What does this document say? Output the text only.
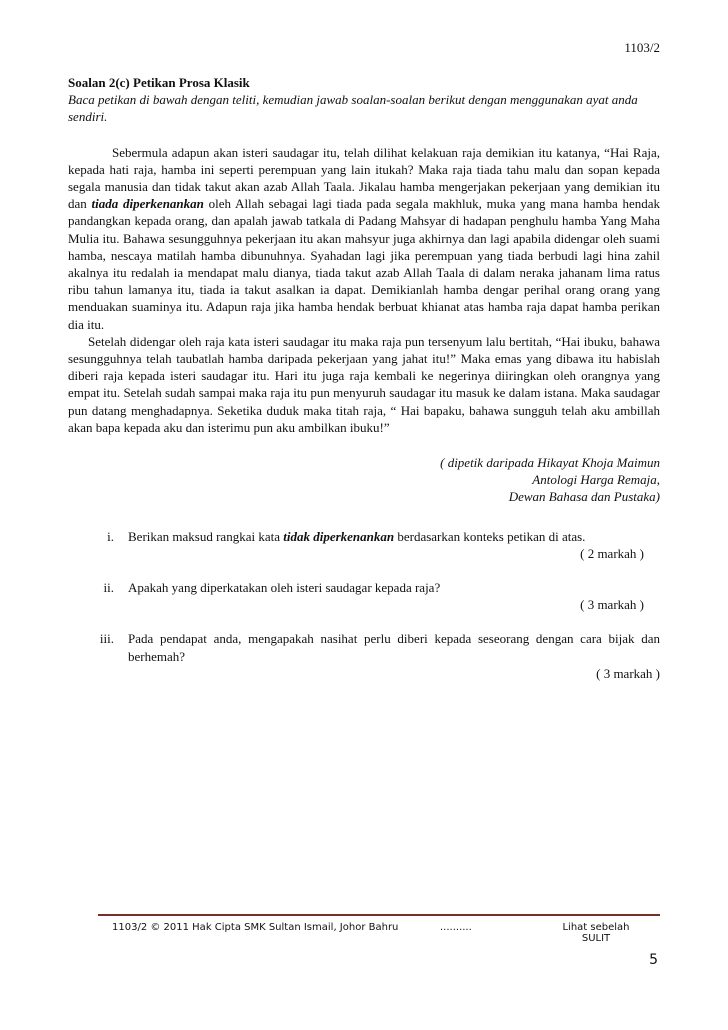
1103/2
Soalan 2(c) Petikan Prosa Klasik
Baca petikan di bawah dengan teliti, kemudian jawab soalan-soalan berikut dengan menggunakan ayat anda sendiri.
Sebermula adapun akan isteri saudagar itu, telah dilihat kelakuan raja demikian itu katanya, “Hai Raja, kepada hati raja, hamba ini seperti perempuan yang lain itukah? Maka raja tiada tahu malu dan sopan kepada segala manusia dan tidak takut akan azab Allah Taala. Jikalau hamba mengerjakan pekerjaan yang demikian itu dan tiada diperkenankan oleh Allah sebagai lagi tiada pada segala makhluk, muka yang mana hamba hendak pandangkan kepada orang, dan apalah jawab tatkala di Padang Mahsyar di hadapan penghulu hamba Yang Maha Mulia itu. Bahawa sesungguhnya pekerjaan itu akan mahsyur juga akhirnya dan lagi apabila didengar oleh suami hamba, nescaya matilah hamba dibunuhnya. Syahadan lagi jika perempuan yang tiada berbudi lagi hina zahil akalnya itu redalah ia mendapat malu dianya, tiada takut azab Allah Taala di dalam neraka jahanam lima ratus ribu tahun lamanya itu, tiada ia takut asalkan ia dapat. Demikianlah hamba dengar perihal orang orang yang menduakan suaminya itu. Adapun raja jika hamba hendak berbuat khianat atas hamba raja dapat hamba perikan dia itu.
Setelah didengar oleh raja kata isteri saudagar itu maka raja pun tersenyum lalu bertitah, “Hai ibuku, bahawa sesungguhnya telah taubatlah hamba daripada pekerjaan yang jahat itu!” Maka emas yang dibawa itu habislah diberi raja kepada isteri saudagar itu. Hari itu juga raja kembali ke negerinya diiringkan oleh orangnya yang empat itu. Setelah sudah sampai maka raja itu pun menyuruh saudagar itu masuk ke dalam istana. Maka saudagar pun datang menghadapnya. Seketika duduk maka titah raja, “ Hai bapaku, bahawa sungguh telah aku ambillah akan bapa kepada aku dan isterimu pun aku ambilkan ibuku!”
( dipetik daripada Hikayat Khoja Maimun
Antologi Harga Remaja,
Dewan Bahasa dan Pustaka)
i.	Berikan maksud rangkai kata tidak diperkenankan berdasarkan konteks petikan di atas.
( 2 markah )
ii.	Apakah yang diperkatakan oleh isteri saudagar kepada raja?
( 3 markah )
iii.	Pada pendapat anda, mengapakah nasihat perlu diberi kepada seseorang dengan cara bijak dan berhemah?
( 3 markah )
1103/2 © 2011 Hak Cipta SMK Sultan Ismail, Johor Bahru	..........	Lihat sebelah
SULIT
5
